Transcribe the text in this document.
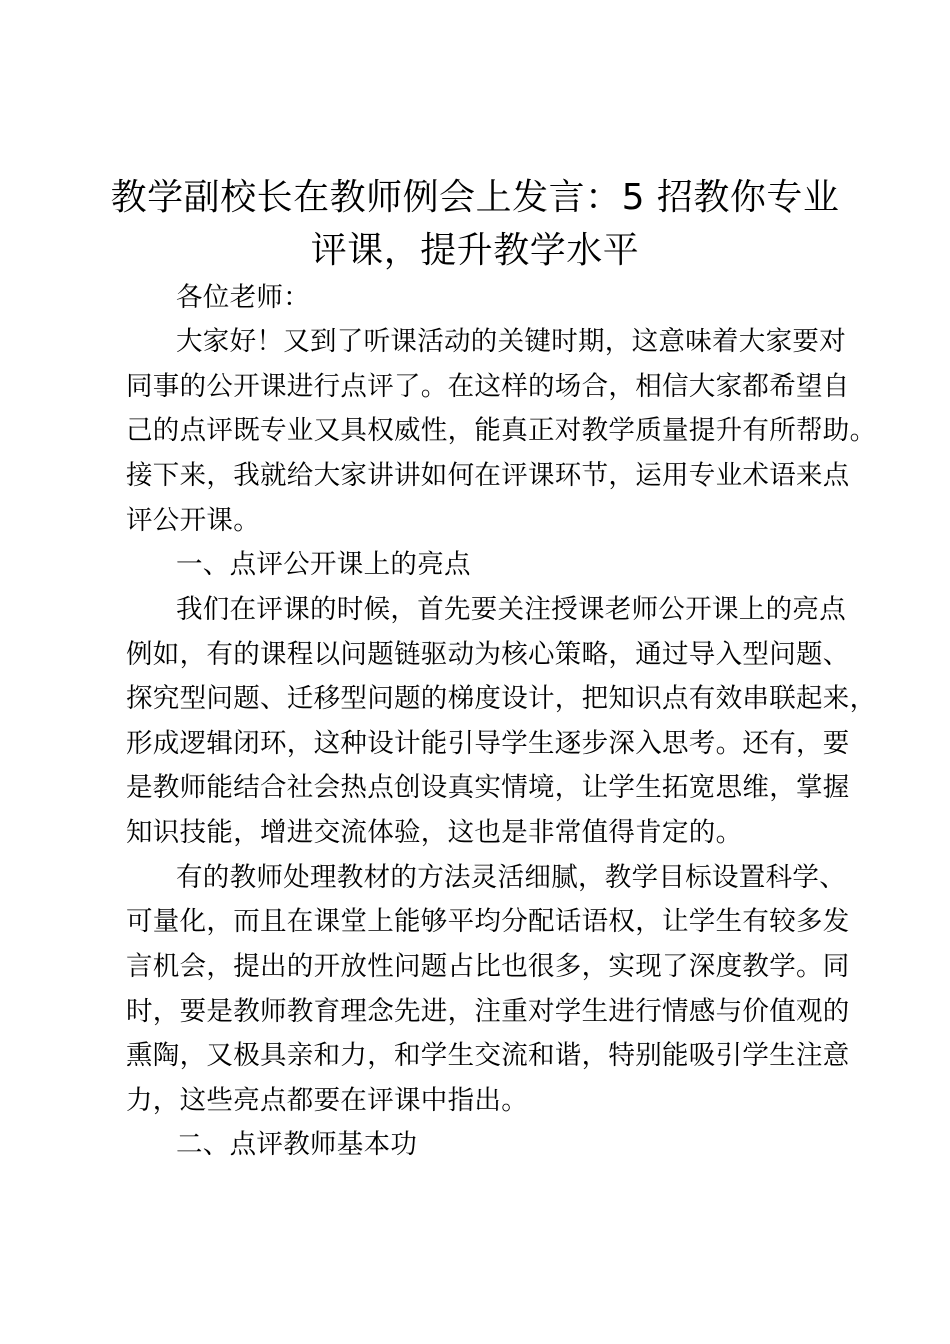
教学副校长在教师例会上发言：5 招教你专业
评课，提升教学水平
各位老师：
大家好！又到了听课活动的关键时期，这意味着大家要对
同事的公开课进行点评了。在这样的场合，相信大家都希望自
己的点评既专业又具权威性，能真正对教学质量提升有所帮助。
接下来，我就给大家讲讲如何在评课环节，运用专业术语来点
评公开课。
一、点评公开课上的亮点
我们在评课的时候，首先要关注授课老师公开课上的亮点
例如，有的课程以问题链驱动为核心策略，通过导入型问题、
探究型问题、迁移型问题的梯度设计，把知识点有效串联起来，
形成逻辑闭环，这种设计能引导学生逐步深入思考。还有，要
是教师能结合社会热点创设真实情境，让学生拓宽思维，掌握
知识技能，增进交流体验，这也是非常值得肯定的。
有的教师处理教材的方法灵活细腻，教学目标设置科学、
可量化，而且在课堂上能够平均分配话语权，让学生有较多发
言机会，提出的开放性问题占比也很多，实现了深度教学。同
时，要是教师教育理念先进，注重对学生进行情感与价值观的
熏陶，又极具亲和力，和学生交流和谐，特别能吸引学生注意
力，这些亮点都要在评课中指出。
二、点评教师基本功
